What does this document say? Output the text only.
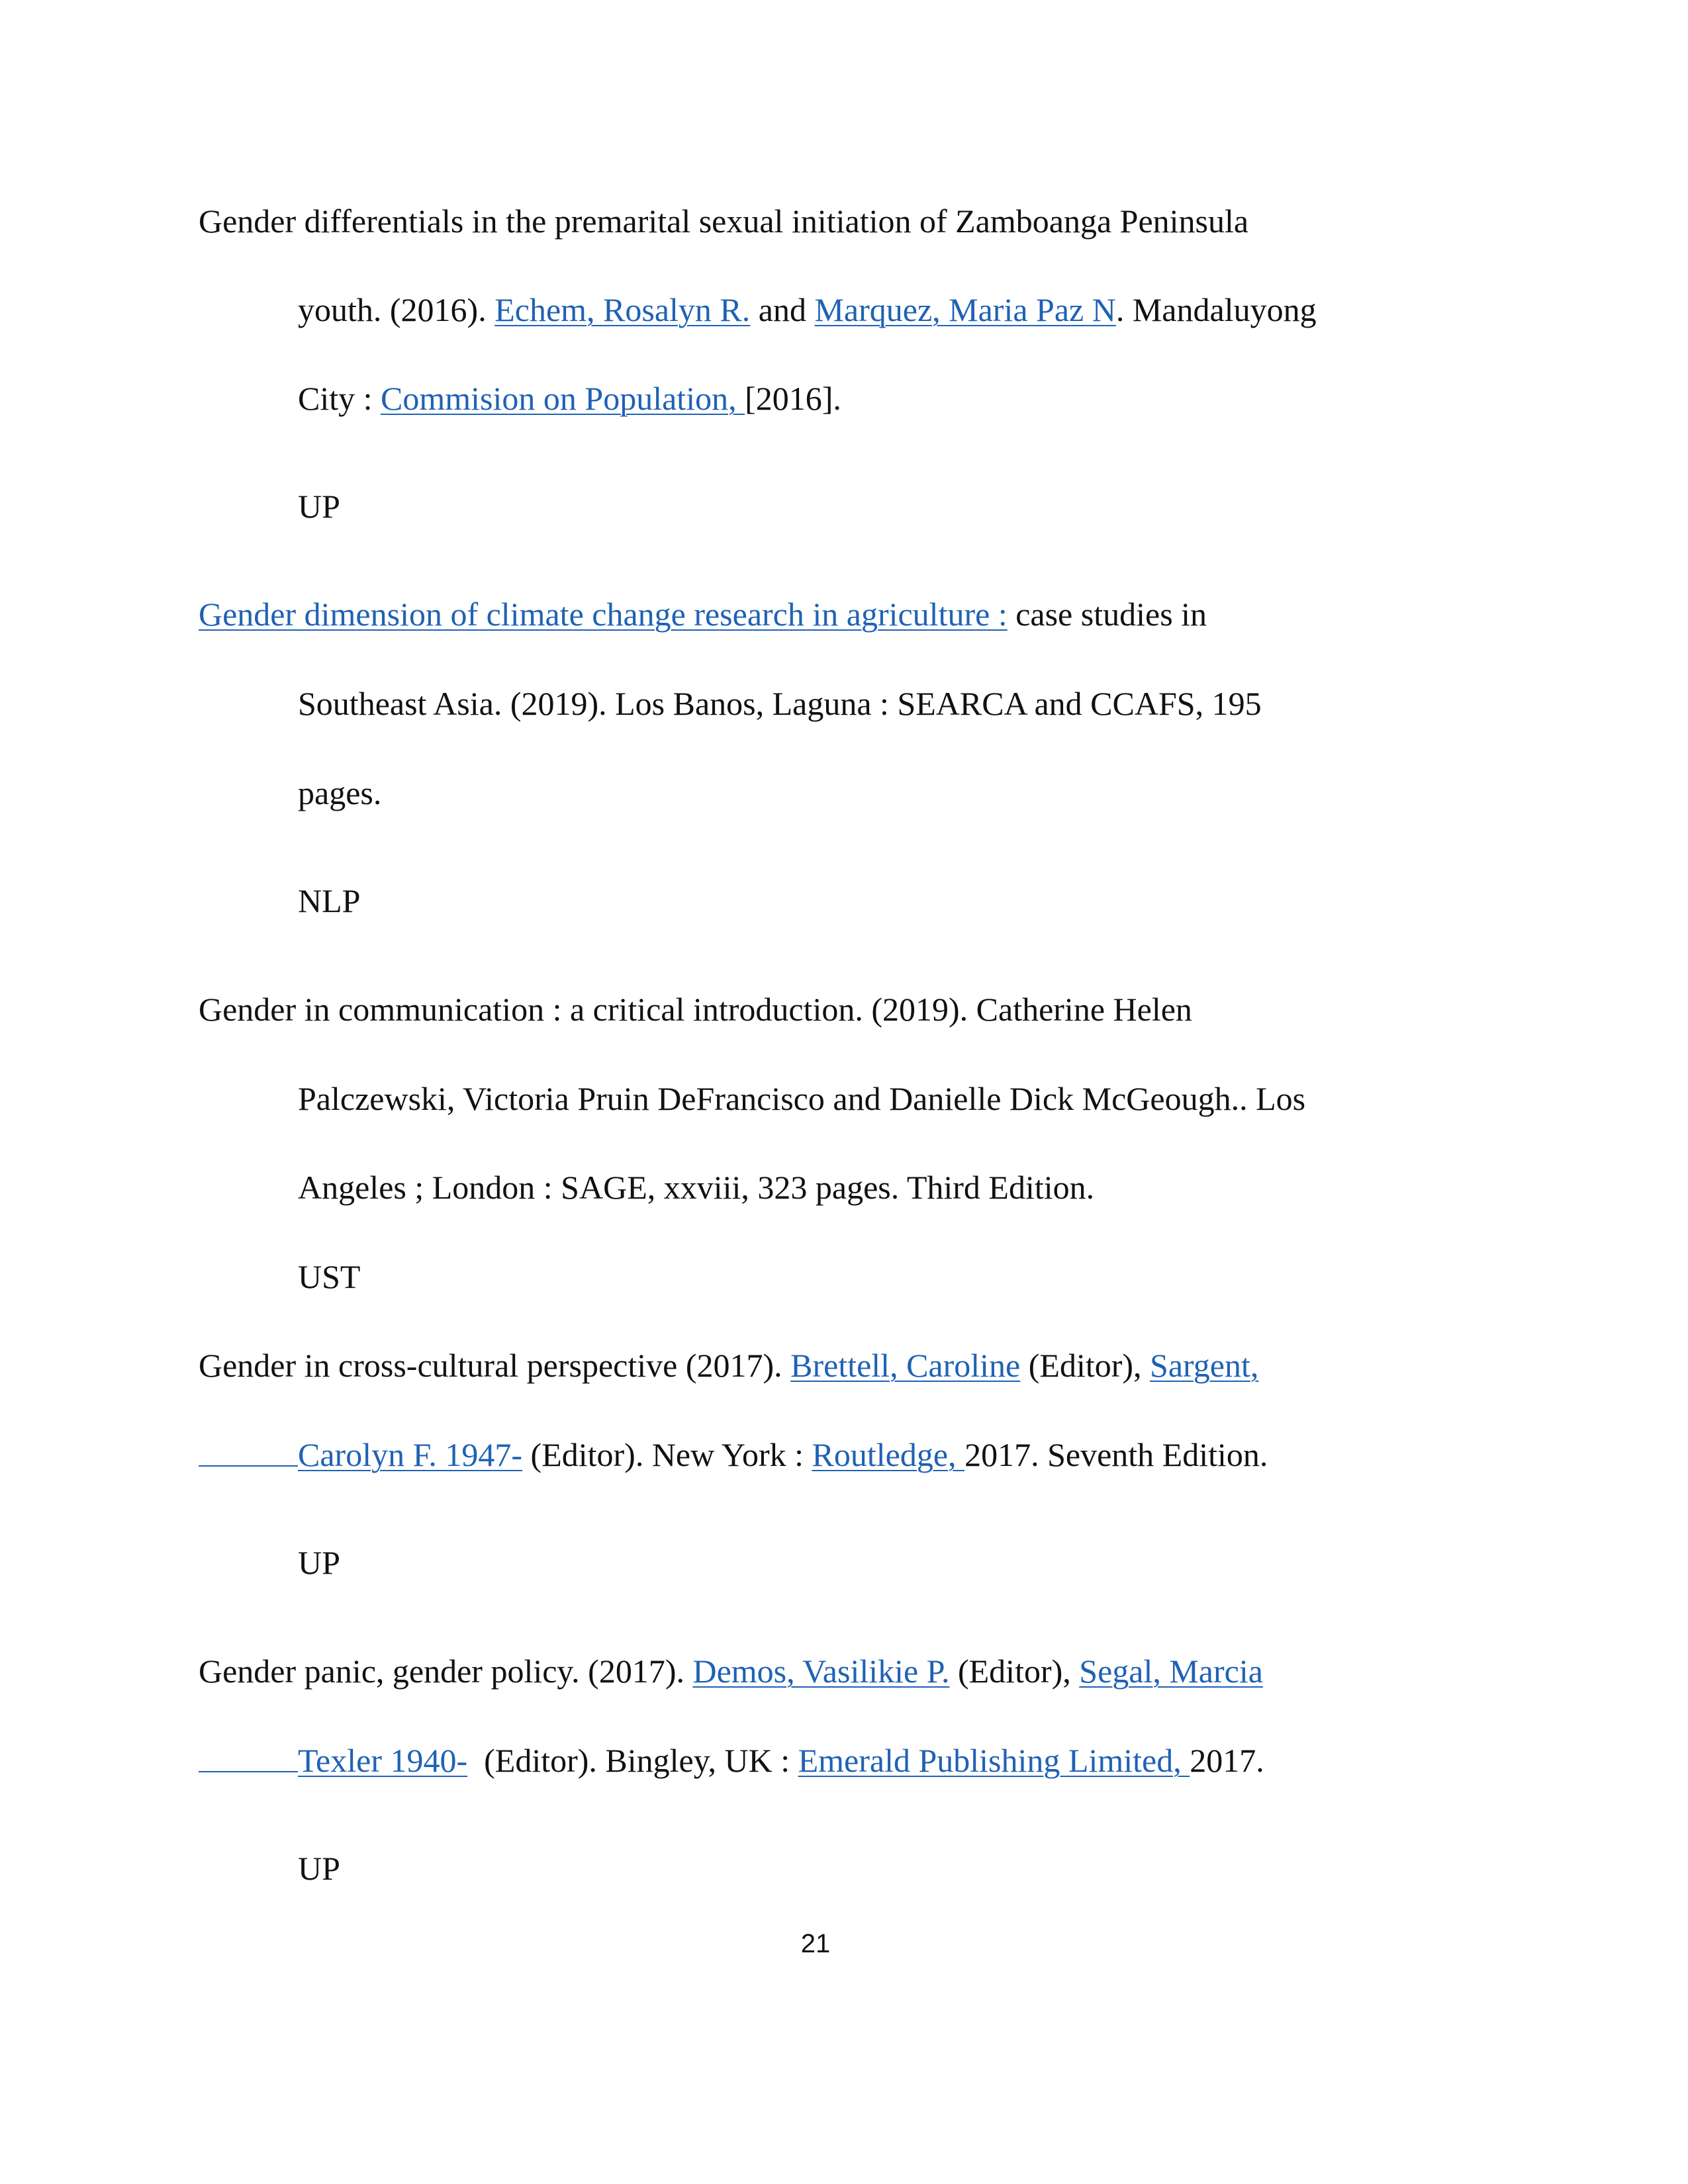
Gender differentials in the premarital sexual initiation of Zamboanga Peninsula
youth. (2016). Echem, Rosalyn R. and Marquez, Maria Paz N. Mandaluyong
City : Commision on Population, [2016].
UP
Gender dimension of climate change research in agriculture : case studies in
Southeast Asia. (2019). Los Banos, Laguna : SEARCA and CCAFS, 195
pages.
NLP
Gender in communication : a critical introduction. (2019). Catherine Helen
Palczewski, Victoria Pruin DeFrancisco and Danielle Dick McGeough.. Los
Angeles ; London : SAGE, xxviii, 323 pages. Third Edition.
UST
Gender in cross-cultural perspective (2017). Brettell, Caroline (Editor), Sargent,
Carolyn F. 1947- (Editor). New York : Routledge, 2017. Seventh Edition.
UP
Gender panic, gender policy. (2017). Demos, Vasilikie P. (Editor), Segal, Marcia
Texler 1940-  (Editor). Bingley, UK : Emerald Publishing Limited, 2017.
UP
21
